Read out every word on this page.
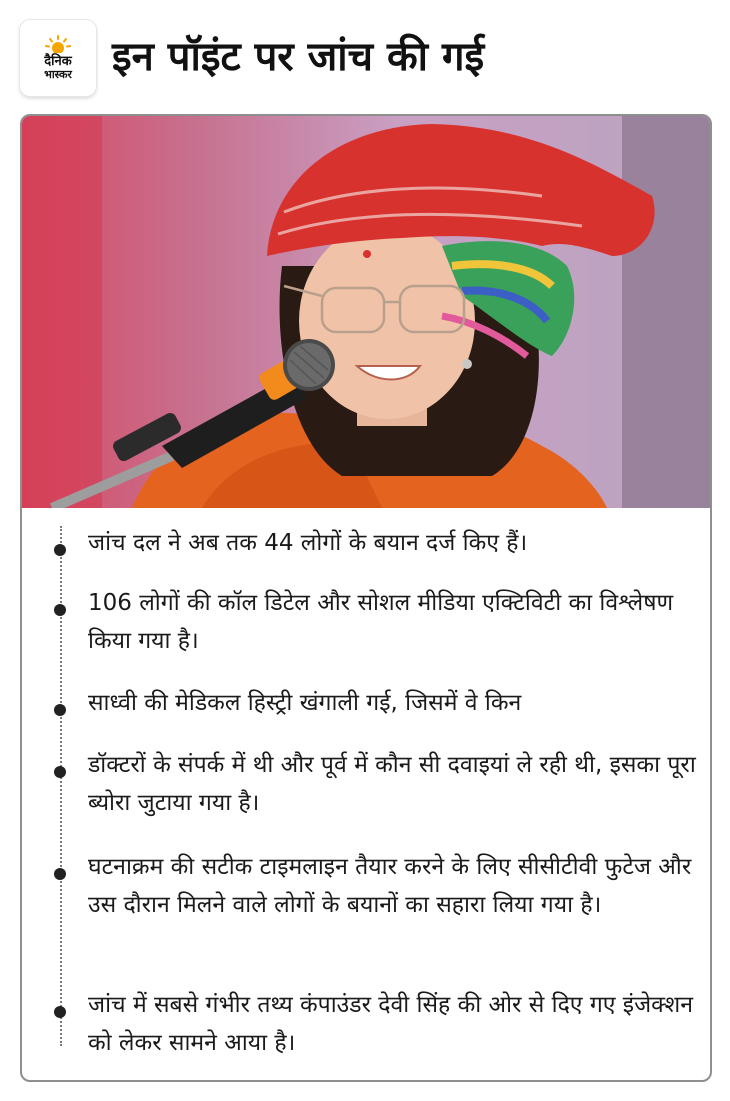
दैनिक
भास्कर इन पॉइंट पर जांच की गई

जांच दल ने अब तक 44 लोगों के बयान दर्ज किए हैं।

106 लोगों की कॉल डिटेल और सोशल मीडिया एक्टिविटी का विश्लेषण किया गया है।

साध्वी की मेडिकल हिस्ट्री खंगाली गई, जिसमें वे किन

डॉक्टरों के संपर्क में थी और पूर्व में कौन सी दवाइयां ले रही थी, इसका पूरा ब्योरा जुटाया गया है।

घटनाक्रम की सटीक टाइमलाइन तैयार करने के लिए सीसीटीवी फुटेज और उस दौरान मिलने वाले लोगों के बयानों का सहारा लिया गया है।

जांच में सबसे गंभीर तथ्य कंपाउंडर देवी सिंह की ओर से दिए गए इंजेक्शन को लेकर सामने आया है।
